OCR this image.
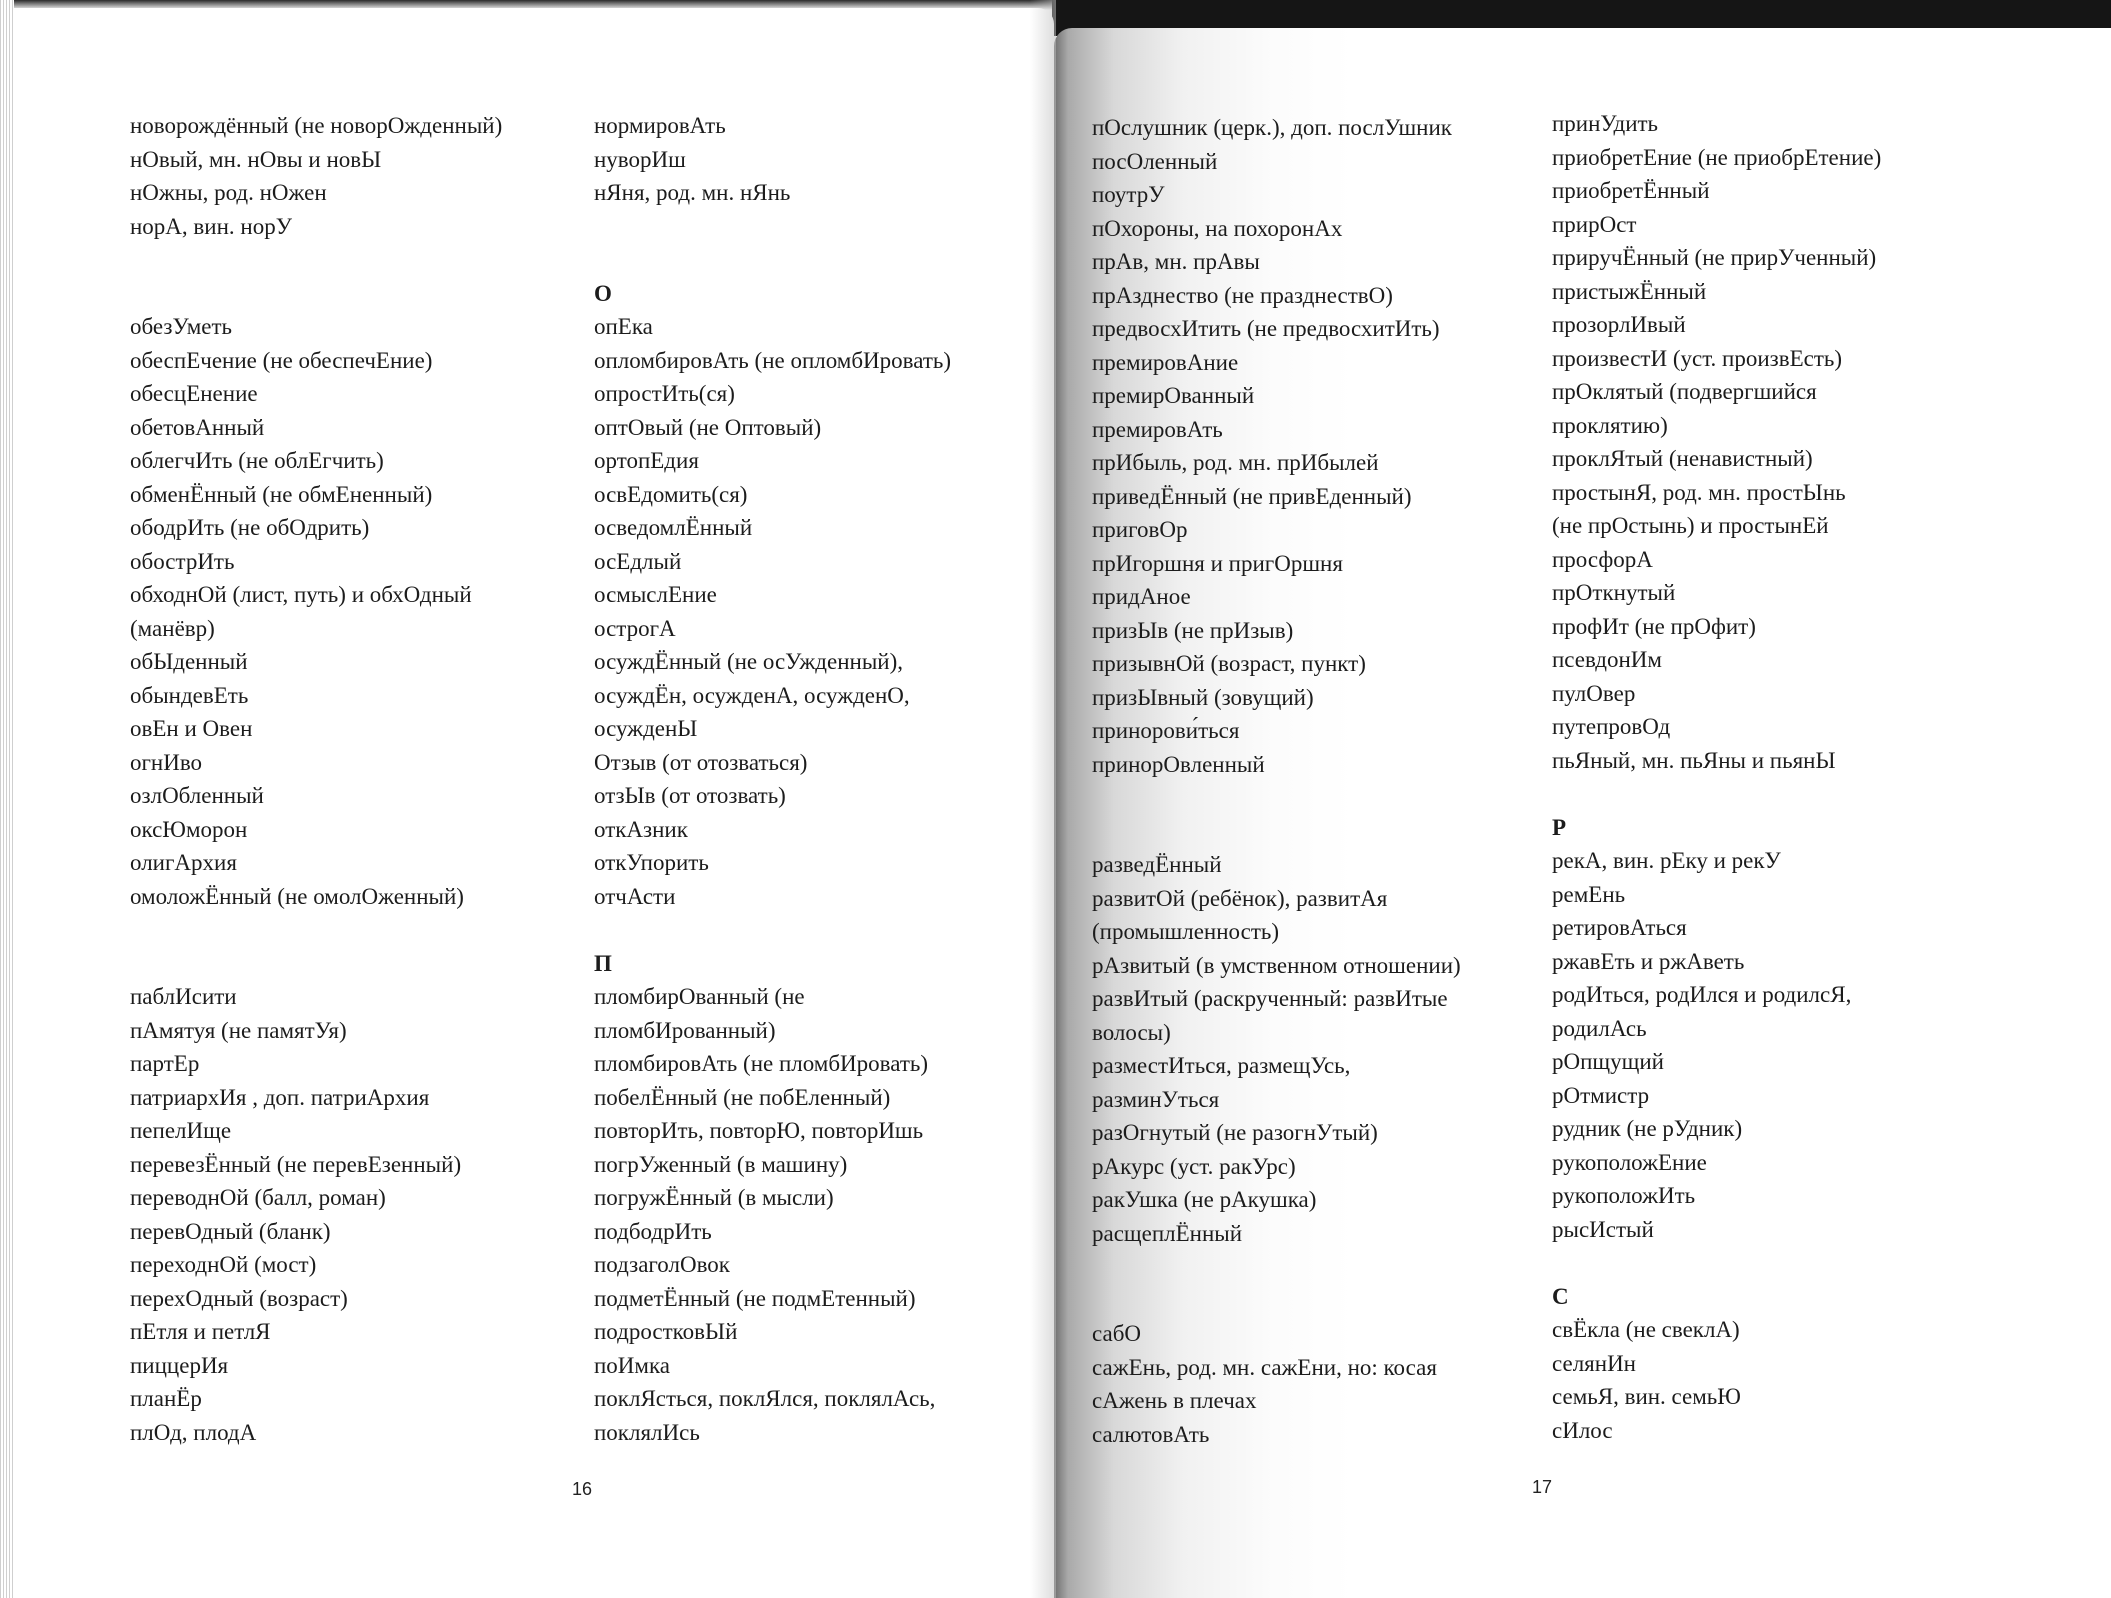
новорождённый (не новорОжденный)
нОвый, мн. нОвы и новЫ
нОжны, род. нОжен
норА, вин. норУ
обезУметь
обеспЕчение (не обеспечЕние)
обесцЕнение
обетовАнный
облегчИть (не облЕгчить)
обменЁнный (не обмЕненный)
ободрИть (не обОдрить)
обострИть
обходнОй (лист, путь) и обхОдный
(манёвр)
обЫденный
обындевЕть
овЕн и Овен
огнИво
озлОбленный
оксЮморон
олигАрхия
омоложЁнный (не омолОженный)
паблИсити
пАмятуя (не памятУя)
партЕр
патриархИя , доп. патриАрхия
пепелИще
перевезЁнный (не перевЕзенный)
переводнОй (балл, роман)
перевОдный (бланк)
переходнОй (мост)
перехОдный (возраст)
пЕтля и петлЯ
пиццерИя
планЁр
плОд, плодА
нормировАть
нуворИш
нЯня, род. мн. нЯнь
О
опЕка
опломбировАть (не опломбИровать)
опростИть(ся)
оптОвый (не Оптовый)
ортопЕдия
освЕдомить(ся)
осведомлЁнный
осЕдлый
осмыслЕние
острогА
осуждЁнный (не осУжденный),
осуждЁн, осужденА, осужденО,
осужденЫ
Отзыв (от отозваться)
отзЫв (от отозвать)
откАзник
откУпорить
отчАсти
П
пломбирОванный (не
пломбИрованный)
пломбировАть (не пломбИровать)
побелЁнный (не побЕленный)
повторИть, повторЮ, повторИшь
погрУженный (в машину)
погружЁнный (в мысли)
подбодрИть
подзаголОвок
подметЁнный (не подмЕтенный)
подростковЫй
поИмка
поклЯсться, поклЯлся, поклялАсь,
поклялИсь
пОслушник (церк.), доп. послУшник
посОленный
поутрУ
пОхороны, на похоронАх
прАв, мн. прАвы
прАзднество (не празднествО)
предвосхИтить (не предвосхитИть)
премировАние
премирОванный
премировАть
прИбыль, род. мн. прИбылей
приведЁнный (не привЕденный)
приговОр
прИгоршня и пригОршня
придАное
призЫв (не прИзыв)
призывнОй (возраст, пункт)
призЫвный (зовущий)
принорови́ться
принорОвленный
разведЁнный
развитОй (ребёнок), развитАя
(промышленность)
рАзвитый (в умственном отношении)
развИтый (раскрученный: развИтые
волосы)
разместИться, размещУсь,
разминУться
разОгнутый (не разогнУтый)
рАкурс (уст. ракУрс)
ракУшка (не рАкушка)
расщеплЁнный
сабО
сажЕнь, род. мн. сажЕни, но: косая
сАжень в плечах
салютовАть
принУдить
приобретЕние (не приобрЕтение)
приобретЁнный
прирОст
приручЁнный (не прирУченный)
пристыжЁнный
прозорлИвый
произвестИ (уст. произвЕсть)
прОклятый (подвергшийся
проклятию)
проклЯтый (ненавистный)
простынЯ, род. мн. простЫнь
(не прОстынь) и простынЕй
просфорА
прОткнутый
профИт (не прОфит)
псевдонИм
пулОвер
путепровОд
пьЯный, мн. пьЯны и пьянЫ
Р
рекА, вин. рЕку и рекУ
ремЕнь
ретировАться
ржавЕть и ржАветь
родИться, родИлся и родилсЯ,
родилАсь
рОпщущий
рОтмистр
рудник (не рУдник)
рукоположЕние
рукоположИть
рысИстый
С
свЁкла (не свеклА)
селянИн
семьЯ, вин. семьЮ
сИлос
16	17
